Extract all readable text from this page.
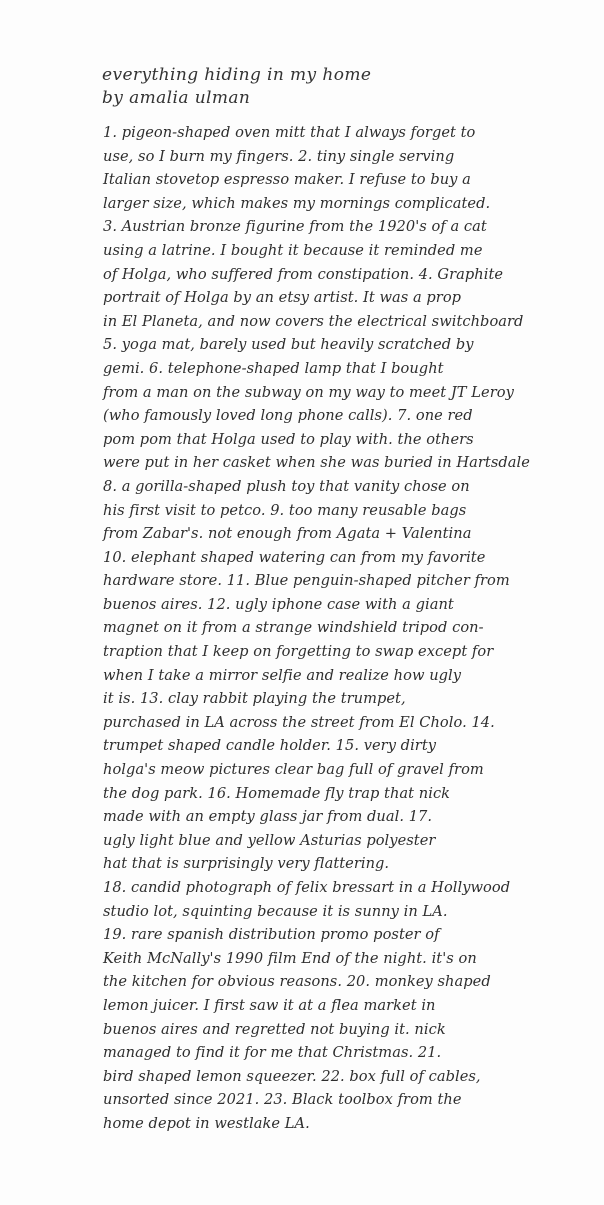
everything hiding in my home
by amalia ulman
1. pigeon-shaped oven mitt that I always forget to
use, so I burn my fingers. 2. tiny single serving
Italian stovetop espresso maker. I refuse to buy a
larger size, which makes my mornings complicated.
3. Austrian bronze figurine from the 1920's of a cat
using a latrine. I bought it because it reminded me
of Holga, who suffered from constipation. 4. Graphite
portrait of Holga by an etsy artist. It was a prop
in El Planeta, and now covers the electrical switchboard
5. yoga mat, barely used but heavily scratched by
gemi. 6. telephone-shaped lamp that I bought
from a man on the subway on my way to meet JT Leroy
(who famously loved long phone calls). 7. one red
pom pom that Holga used to play with. the others
were put in her casket when she was buried in Hartsdale
8. a gorilla-shaped plush toy that vanity chose on
his first visit to petco. 9. too many reusable bags
from Zabar's. not enough from Agata + Valentina
10. elephant shaped watering can from my favorite
hardware store. 11. Blue penguin-shaped pitcher from
buenos aires. 12. ugly iphone case with a giant
magnet on it from a strange windshield tripod con-
traption that I keep on forgetting to swap except for
when I take a mirror selfie and realize how ugly
it is. 13. clay rabbit playing the trumpet,
purchased in LA across the street from El Cholo. 14.
trumpet shaped candle holder. 15. very dirty
holga's meow pictures clear bag full of gravel from
the dog park. 16. Homemade fly trap that nick
made with an empty glass jar from dual. 17.
ugly light blue and yellow Asturias polyester
hat that is surprisingly very flattering.
18. candid photograph of felix bressart in a Hollywood
studio lot, squinting because it is sunny in LA.
19. rare spanish distribution promo poster of
Keith McNally's 1990 film End of the night. it's on
the kitchen for obvious reasons. 20. monkey shaped
lemon juicer. I first saw it at a flea market in
buenos aires and regretted not buying it. nick
managed to find it for me that Christmas. 21.
bird shaped lemon squeezer. 22. box full of cables,
unsorted since 2021. 23. Black toolbox from the
home depot in westlake LA.
